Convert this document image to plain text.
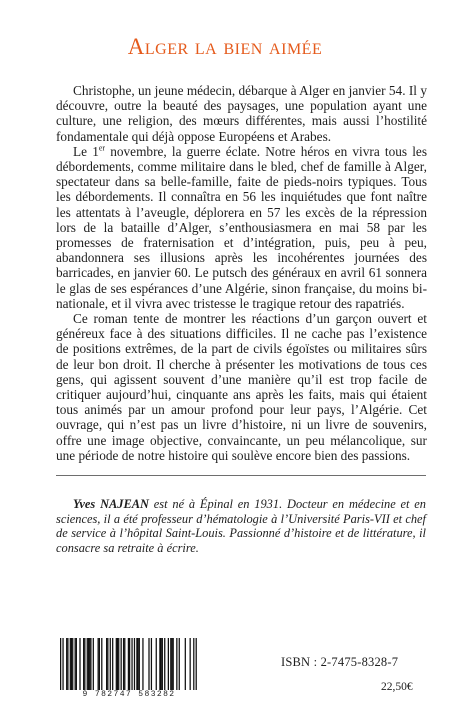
Alger la bien aimée

Christophe, un jeune médecin, débarque à Alger en janvier 54. Il y découvre, outre la beauté des paysages, une population ayant une culture, une religion, des mœurs différentes, mais aussi l’hostilité fondamentale qui déjà oppose Européens et Arabes.

Le 1er novembre, la guerre éclate. Notre héros en vivra tous les débordements, comme militaire dans le bled, chef de famille à Alger, spectateur dans sa belle-famille, faite de pieds-noirs typiques. Tous les débordements. Il connaîtra en 56 les inquiétudes que font naître les attentats à l’aveugle, déplorera en 57 les excès de la répression lors de la bataille d’Alger, s’enthousiasmera en mai 58 par les promesses de fraternisation et d’intégration, puis, peu à peu, abandonnera ses illusions après les incohérentes journées des barricades, en janvier 60. Le putsch des généraux en avril 61 sonnera le glas de ses espérances d’une Algérie, sinon française, du moins bi-nationale, et il vivra avec tristesse le tragique retour des rapatriés.

Ce roman tente de montrer les réactions d’un garçon ouvert et généreux face à des situations difficiles. Il ne cache pas l’existence de positions extrêmes, de la part de civils égoïstes ou militaires sûrs de leur bon droit. Il cherche à présenter les motivations de tous ces gens, qui agissent souvent d’une manière qu’il est trop facile de critiquer aujourd’hui, cinquante ans après les faits, mais qui étaient tous animés par un amour profond pour leur pays, l’Algérie. Cet ouvrage, qui n’est pas un livre d’histoire, ni un livre de souvenirs, offre une image objective, convaincante, un peu mélancolique, sur une période de notre histoire qui soulève encore bien des passions.

Yves NAJEAN est né à Épinal en 1931. Docteur en médecine et en sciences, il a été professeur d’hématologie à l’Université Paris-VII et chef de service à l’hôpital Saint-Louis. Passionné d’histoire et de littérature, il consacre sa retraite à écrire.

9 782747 583282
ISBN : 2-7475-8328-7
22,50€
